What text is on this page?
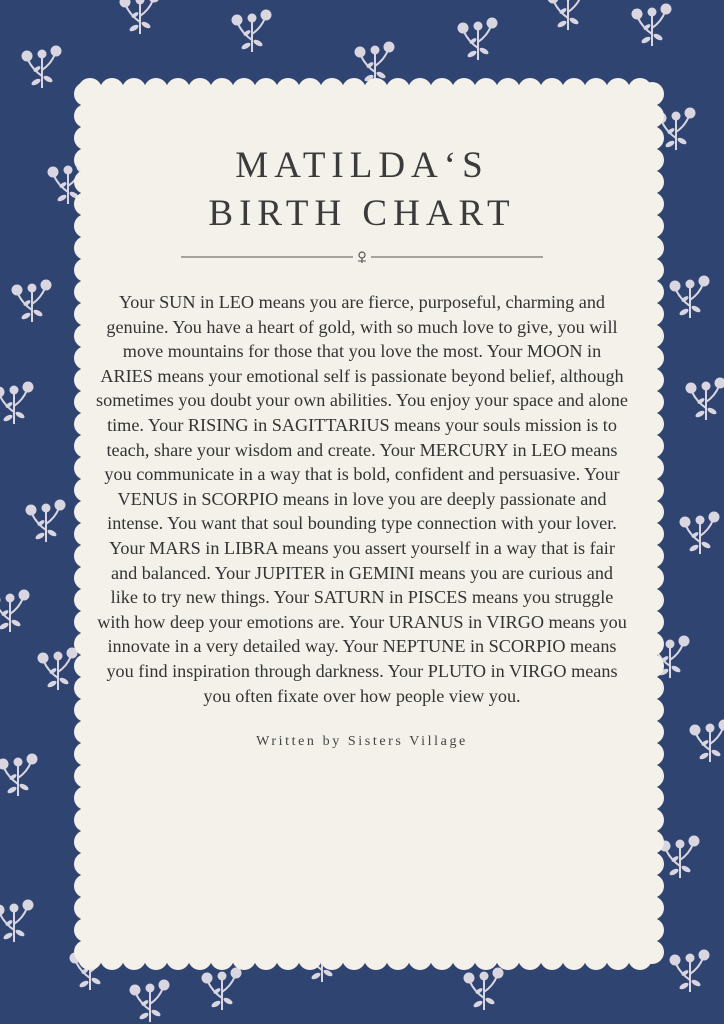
MATILDA‘S
BIRTH CHART

Your SUN in LEO means you are fierce, purposeful, charming and genuine. You have a heart of gold, with so much love to give, you will move mountains for those that you love the most. Your MOON in ARIES means your emotional self is passionate beyond belief, although sometimes you doubt your own abilities. You enjoy your space and alone time. Your RISING in SAGITTARIUS means your souls mission is to teach, share your wisdom and create. Your MERCURY in LEO means you communicate in a way that is bold, confident and persuasive. Your VENUS in SCORPIO means in love you are deeply passionate and intense. You want that soul bounding type connection with your lover. Your MARS in LIBRA means you assert yourself in a way that is fair and balanced. Your JUPITER in GEMINI means you are curious and like to try new things. Your SATURN in PISCES means you struggle with how deep your emotions are. Your URANUS in VIRGO means you innovate in a very detailed way. Your NEPTUNE in SCORPIO means you find inspiration through darkness. Your PLUTO in VIRGO means you often fixate over how people view you.

Written by Sisters Village
